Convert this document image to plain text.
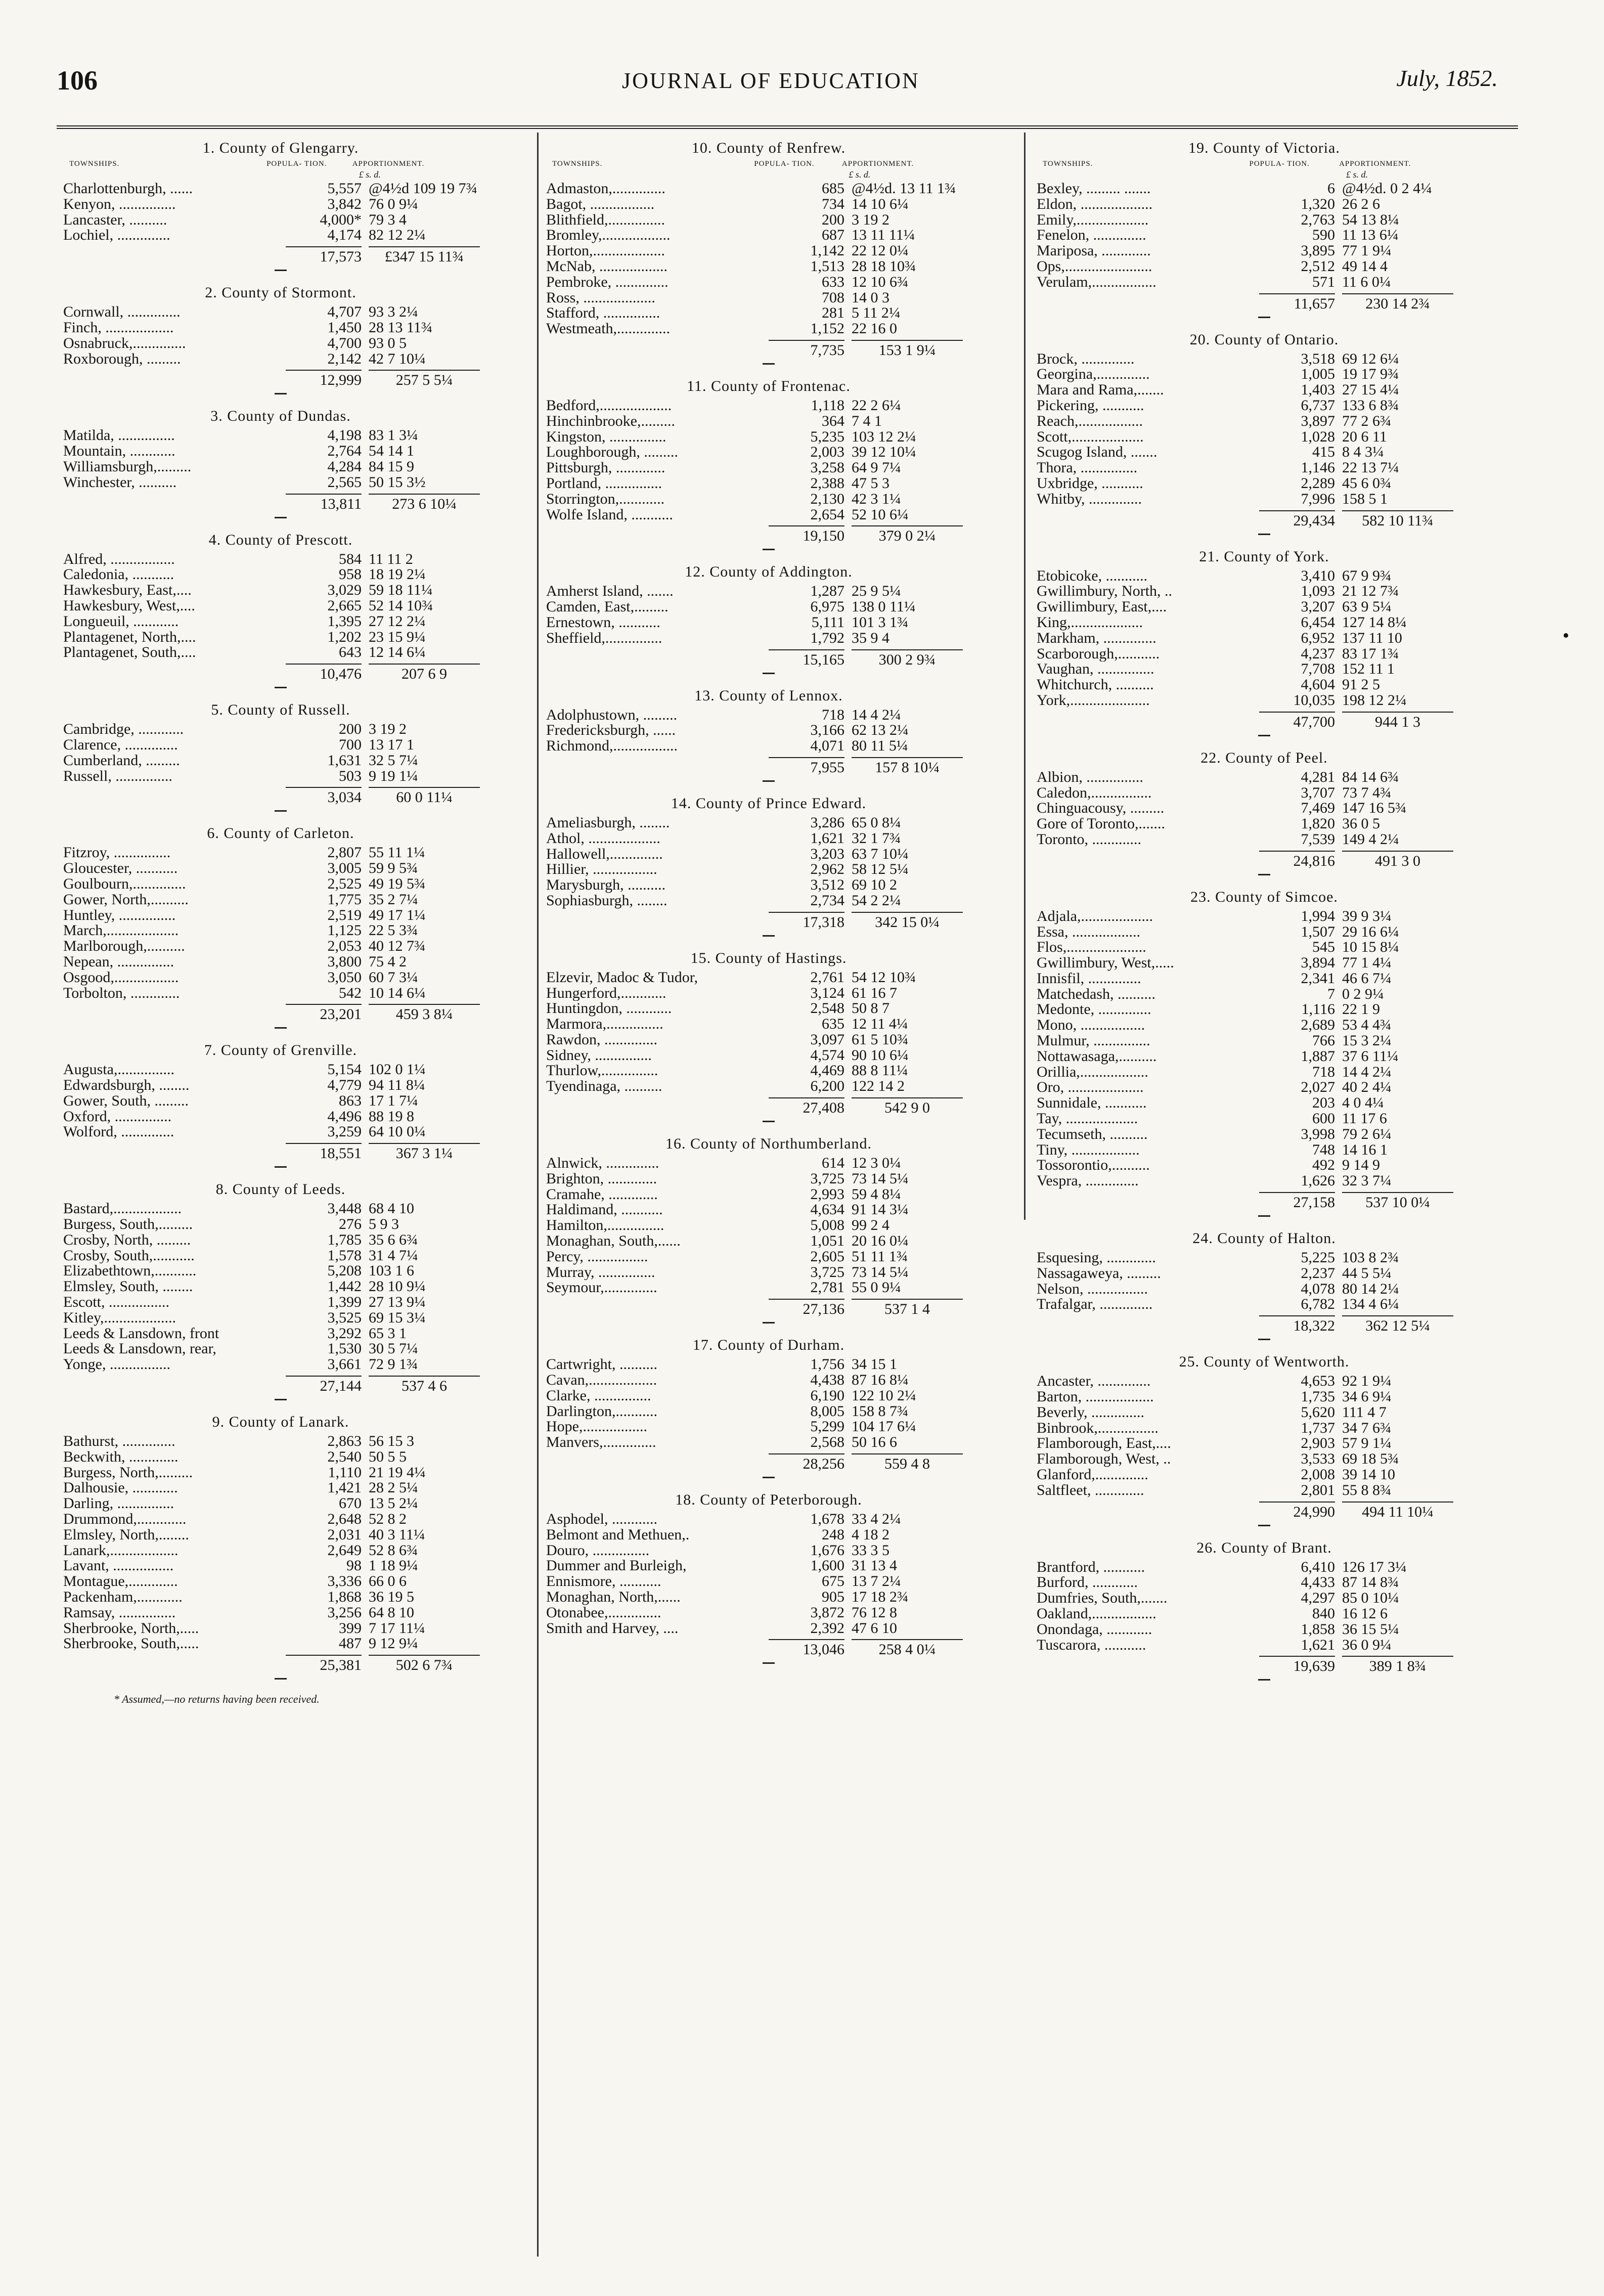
106	JOURNAL OF EDUCATION	July, 1852.
1. County of Glengarry.
TOWNSHIPS.	POPULA- TION.	APPORTIONMENT.
£ s. d.
Charlottenburgh, ......	5,557 @4½d 109 19 7¾
Kenyon, ...............	3,842 76 0 9¼
Lancaster, ..........	4,000* 79 3 4
Lochiel, ..............	4,174 82 12 2¼
17,573	£347 15 11¾
2. County of Stormont.
Cornwall, ..............	4,707 93 3 2¼
Finch, ..................	1,450 28 13 11¾
Osnabruck,..............	4,700 93 0 5
Roxborough, .........	2,142 42 7 10¼
12,999	257 5 5¼
3. County of Dundas.
Matilda, ...............	4,198 83 1 3¼
Mountain, ............	2,764 54 14 1
Williamsburgh,.........	4,284 84 15 9
Winchester, ..........	2,565 50 15 3½
13,811	273 6 10¼
4. County of Prescott.
Alfred, .................	584 11 11 2
Caledonia, ...........	958 18 19 2¼
Hawkesbury, East,....	3,029 59 18 11¼
Hawkesbury, West,....	2,665 52 14 10¾
Longueuil, ............	1,395 27 12 2¼
Plantagenet, North,....	1,202 23 15 9¼
Plantagenet, South,....	643 12 14 6¼
10,476	207 6 9
5. County of Russell.
Cambridge, ............	200 3 19 2
Clarence, ..............	700 13 17 1
Cumberland, .........	1,631 32 5 7¼
Russell, ...............	503 9 19 1¼
3,034	60 0 11¼
6. County of Carleton.
Fitzroy, ...............	2,807 55 11 1¼
Gloucester, ...........	3,005 59 9 5¾
Goulbourn,..............	2,525 49 19 5¾
Gower, North,..........	1,775 35 2 7¼
Huntley, ...............	2,519 49 17 1¼
March,...................	1,125 22 5 3¾
Marlborough,..........	2,053 40 12 7¾
Nepean, ...............	3,800 75 4 2
Osgood,.................	3,050 60 7 3¼
Torbolton, .............	542 10 14 6¼
23,201	459 3 8¼
7. County of Grenville.
Augusta,...............	5,154 102 0 1¼
Edwardsburgh, ........	4,779 94 11 8¼
Gower, South, .........	863 17 1 7¼
Oxford, ...............	4,496 88 19 8
Wolford, ..............	3,259 64 10 0¼
18,551	367 3 1¼
8. County of Leeds.
Bastard,..................	3,448 68 4 10
Burgess, South,.........	276 5 9 3
Crosby, North, .........	1,785 35 6 6¾
Crosby, South,...........	1,578 31 4 7¼
Elizabethtown,...........	5,208 103 1 6
Elmsley, South, ........	1,442 28 10 9¼
Escott, ................	1,399 27 13 9¼
Kitley,...................	3,525 69 15 3¼
Leeds & Lansdown, front	3,292 65 3 1
Leeds & Lansdown, rear,	1,530 30 5 7¼
Yonge, ................	3,661 72 9 1¾
27,144	537 4 6
9. County of Lanark.
Bathurst, ..............	2,863 56 15 3
Beckwith, .............	2,540 50 5 5
Burgess, North,.........	1,110 21 19 4¼
Dalhousie, ............	1,421 28 2 5¼
Darling, ...............	670 13 5 2¼
Drummond,.............	2,648 52 8 2
Elmsley, North,........	2,031 40 3 11¼
Lanark,..................	2,649 52 8 6¾
Lavant, ................	98 1 18 9¼
Montague,.............	3,336 66 0 6
Packenham,............	1,868 36 19 5
Ramsay, ...............	3,256 64 8 10
Sherbrooke, North,.....	399 7 17 11¼
Sherbrooke, South,.....	487 9 12 9¼
25,381	502 6 7¾
* Assumed,—no returns having been received.
10. County of Renfrew.
TOWNSHIPS.	POPULA- TION.	APPORTIONMENT.
£ s. d.
Admaston,..............	685 @4½d. 13 11 1¾
Bagot, .................	734 14 10 6¼
Blithfield,...............	200 3 19 2
Bromley,..................	687 13 11 11¼
Horton,...................	1,142 22 12 0¼
McNab, ..................	1,513 28 18 10¾
Pembroke, ..............	633 12 10 6¾
Ross, ...................	708 14 0 3
Stafford, ...............	281 5 11 2¼
Westmeath,..............	1,152 22 16 0
7,735	153 1 9¼
11. County of Frontenac.
Bedford,...................	1,118 22 2 6¼
Hinchinbrooke,.........	364 7 4 1
Kingston, ...............	5,235 103 12 2¼
Loughborough, .........	2,003 39 12 10¼
Pittsburgh, .............	3,258 64 9 7¼
Portland, ...............	2,388 47 5 3
Storrington,............	2,130 42 3 1¼
Wolfe Island, ...........	2,654 52 10 6¼
19,150	379 0 2¼
12. County of Addington.
Amherst Island, .......	1,287 25 9 5¼
Camden, East,.........	6,975 138 0 11¼
Ernestown, ...........	5,111 101 3 1¾
Sheffield,...............	1,792 35 9 4
15,165	300 2 9¾
13. County of Lennox.
Adolphustown, .........	718 14 4 2¼
Fredericksburgh, ......	3,166 62 13 2¼
Richmond,.................	4,071 80 11 5¼
7,955	157 8 10¼
14. County of Prince Edward.
Ameliasburgh, ........	3,286 65 0 8¼
Athol, ...................	1,621 32 1 7¾
Hallowell,..............	3,203 63 7 10¼
Hillier, .................	2,962 58 12 5¼
Marysburgh, ..........	3,512 69 10 2
Sophiasburgh, ........	2,734 54 2 2¼
17,318	342 15 0¼
15. County of Hastings.
Elzevir, Madoc & Tudor,	2,761 54 12 10¾
Hungerford,............	3,124 61 16 7
Huntingdon, ............	2,548 50 8 7
Marmora,...............	635 12 11 4¼
Rawdon, ..............	3,097 61 5 10¾
Sidney, ...............	4,574 90 10 6¼
Thurlow,...............	4,469 88 8 11¼
Tyendinaga, ..........	6,200 122 14 2
27,408	542 9 0
16. County of Northumberland.
Alnwick, ..............	614 12 3 0¼
Brighton, .............	3,725 73 14 5¼
Cramahe, .............	2,993 59 4 8¼
Haldimand, ...........	4,634 91 14 3¼
Hamilton,...............	5,008 99 2 4
Monaghan, South,......	1,051 20 16 0¼
Percy, ................	2,605 51 11 1¾
Murray, ...............	3,725 73 14 5¼
Seymour,..............	2,781 55 0 9¼
27,136	537 1 4
17. County of Durham.
Cartwright, ..........	1,756 34 15 1
Cavan,..................	4,438 87 16 8¼
Clarke, ...............	6,190 122 10 2¼
Darlington,...........	8,005 158 8 7¾
Hope,.................	5,299 104 17 6¼
Manvers,..............	2,568 50 16 6
28,256	559 4 8
18. County of Peterborough.
Asphodel, ............	1,678 33 4 2¼
Belmont and Methuen,.	248 4 18 2
Douro, ...............	1,676 33 3 5
Dummer and Burleigh,	1,600 31 13 4
Ennismore, ...........	675 13 7 2¼
Monaghan, North,......	905 17 18 2¾
Otonabee,..............	3,872 76 12 8
Smith and Harvey, ....	2,392 47 6 10
13,046	258 4 0¼
19. County of Victoria.
TOWNSHIPS.	POPULA- TION.	APPORTIONMENT.
£ s. d.
Bexley, ......... .......	6 @4½d. 0 2 4¼
Eldon, ...................	1,320 26 2 6
Emily,...................	2,763 54 13 8¼
Fenelon, ..............	590 11 13 6¼
Mariposa, .............	3,895 77 1 9¼
Ops,.......................	2,512 49 14 4
Verulam,.................	571 11 6 0¼
11,657	230 14 2¾
20. County of Ontario.
Brock, ..............	3,518 69 12 6¼
Georgina,..............	1,005 19 17 9¾
Mara and Rama,.......	1,403 27 15 4¼
Pickering, ...........	6,737 133 6 8¾
Reach,.................	3,897 77 2 6¾
Scott,...................	1,028 20 6 11
Scugog Island, .......	415 8 4 3¼
Thora, ...............	1,146 22 13 7¼
Uxbridge, ...........	2,289 45 6 0¾
Whitby, ..............	7,996 158 5 1
29,434	582 10 11¾
21. County of York.
Etobicoke, ...........	3,410 67 9 9¾
Gwillimbury, North, ..	1,093 21 12 7¾
Gwillimbury, East,....	3,207 63 9 5¼
King,...................	6,454 127 14 8¼
Markham, ..............	6,952 137 11 10
Scarborough,...........	4,237 83 17 1¾
Vaughan, ...............	7,708 152 11 1
Whitchurch, ..........	4,604 91 2 5
York,.....................	10,035 198 12 2¼
47,700	944 1 3
22. County of Peel.
Albion, ...............	4,281 84 14 6¾
Caledon,................	3,707 73 7 4¾
Chinguacousy, .........	7,469 147 16 5¾
Gore of Toronto,.......	1,820 36 0 5
Toronto, .............	7,539 149 4 2¼
24,816	491 3 0
23. County of Simcoe.
Adjala,...................	1,994 39 9 3¼
Essa, ..................	1,507 29 16 6¼
Flos,.....................	545 10 15 8¼
Gwillimbury, West,.....	3,894 77 1 4¼
Innisfil, ..............	2,341 46 6 7¼
Matchedash, ..........	7 0 2 9¼
Medonte, ..............	1,116 22 1 9
Mono, .................	2,689 53 4 4¾
Mulmur, ...............	766 15 3 2¼
Nottawasaga,..........	1,887 37 6 11¼
Orillia,..................	718 14 4 2¼
Oro, ....................	2,027 40 2 4¼
Sunnidale, ...........	203 4 0 4¼
Tay, ...................	600 11 17 6
Tecumseth, ..........	3,998 79 2 6¼
Tiny, ..................	748 14 16 1
Tossorontio,..........	492 9 14 9
Vespra, ..............	1,626 32 3 7¼
27,158	537 10 0¼
24. County of Halton.
Esquesing, .............	5,225 103 8 2¾
Nassagaweya, .........	2,237 44 5 5¼
Nelson, ................	4,078 80 14 2¼
Trafalgar, ..............	6,782 134 4 6¼
18,322	362 12 5¼
25. County of Wentworth.
Ancaster, ..............	4,653 92 1 9¼
Barton, ..................	1,735 34 6 9¼
Beverly, ..............	5,620 111 4 7
Binbrook,................	1,737 34 7 6¾
Flamborough, East,....	2,903 57 9 1¼
Flamborough, West, ..	3,533 69 18 5¾
Glanford,..............	2,008 39 14 10
Saltfleet, .............	2,801 55 8 8¾
24,990	494 11 10¼
26. County of Brant.
Brantford, ...........	6,410 126 17 3¼
Burford, ............	4,433 87 14 8¾
Dumfries, South,.......	4,297 85 0 10¼
Oakland,.................	840 16 12 6
Onondaga, ............	1,858 36 15 5¼
Tuscarora, ...........	1,621 36 0 9¼
19,639	389 1 8¾
•
